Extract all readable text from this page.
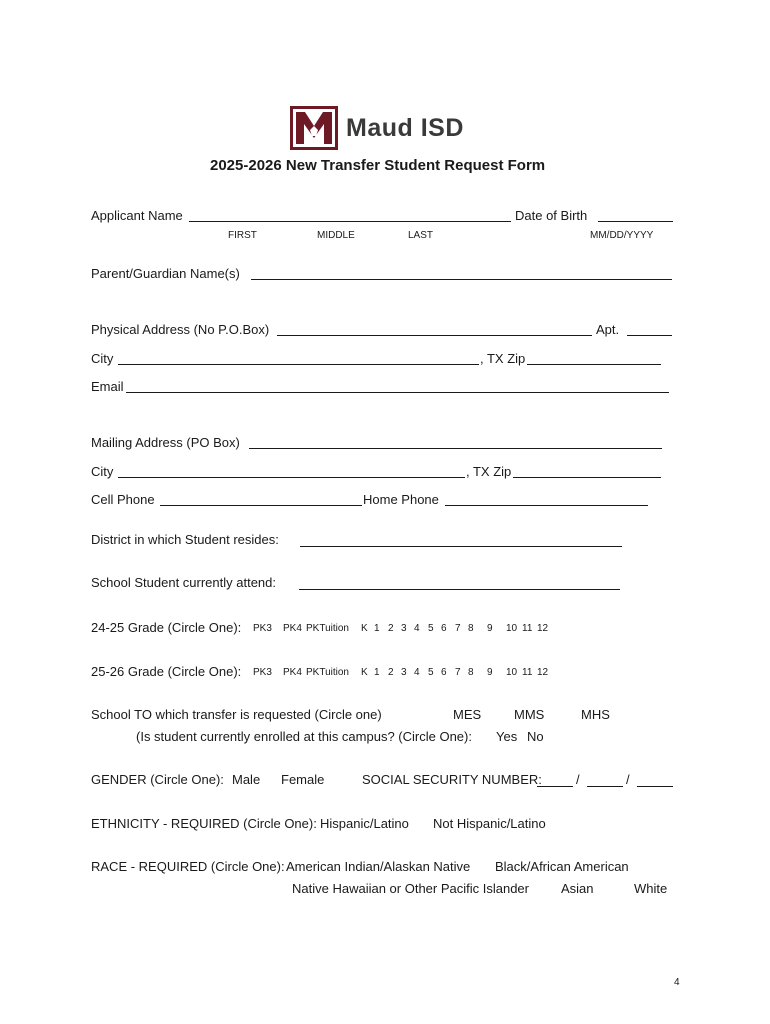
Maud ISD
2025-2026 New Transfer Student Request Form
Applicant Name	Date of Birth
FIRST	MIDDLE	LAST	MM/DD/YYYY
Parent/Guardian Name(s)
Physical Address (No P.O.Box)	Apt.
City	, TX Zip
Email
Mailing Address (PO Box)
City	, TX Zip
Cell Phone	Home Phone
District in which Student resides:
School Student currently attend:
24-25 Grade (Circle One): PK3 PK4 PKTuition K 1 2 3 4 5 6 7 8 9 10 11 12
25-26 Grade (Circle One): PK3 PK4 PKTuition K 1 2 3 4 5 6 7 8 9 10 11 12
School TO which transfer is requested (Circle one)	MES	MMS	MHS
(Is student currently enrolled at this campus? (Circle One): Yes No
GENDER (Circle One): Male Female	SOCIAL SECURITY NUMBER:	/	/
ETHNICITY - REQUIRED (Circle One): Hispanic/Latino Not Hispanic/Latino
RACE - REQUIRED (Circle One): American Indian/Alaskan Native Black/African American
Native Hawaiian or Other Pacific Islander Asian	White
4
